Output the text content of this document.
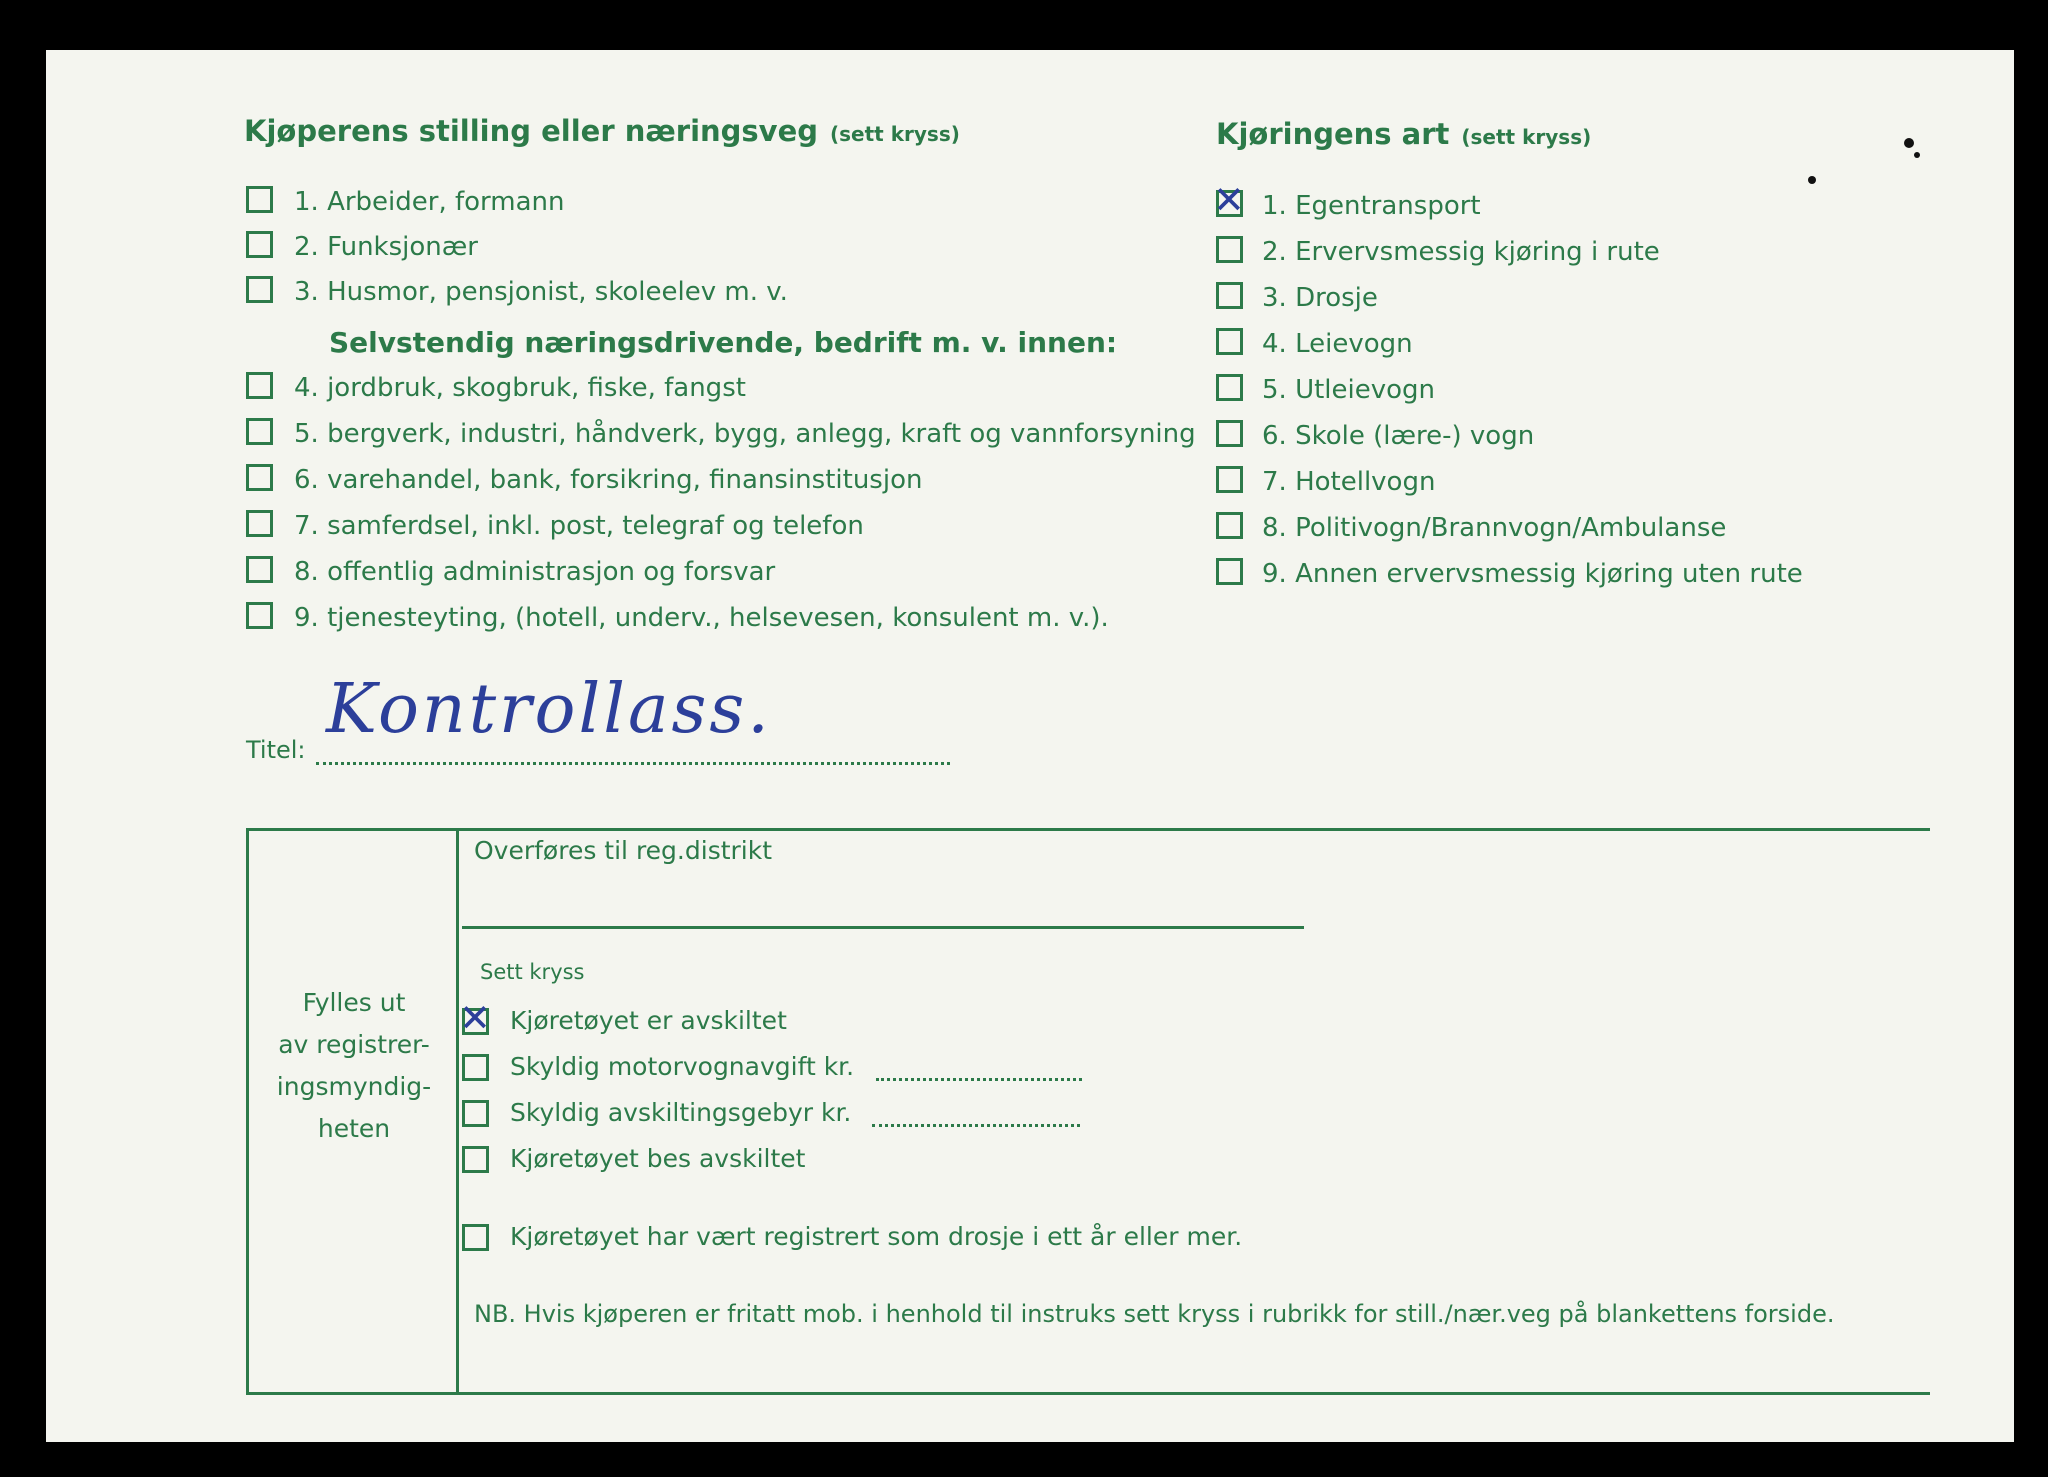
Kjøperens stilling eller næringsveg (sett kryss)
1. Arbeider, formann
2. Funksjonær
3. Husmor, pensjonist, skoleelev m. v.
Selvstendig næringsdrivende, bedrift m. v. innen:
4. jordbruk, skogbruk, fiske, fangst
5. bergverk, industri, håndverk, bygg, anlegg, kraft og vannforsyning
6. varehandel, bank, forsikring, finansinstitusjon
7. samferdsel, inkl. post, telegraf og telefon
8. offentlig administrasjon og forsvar
9. tjenesteyting, (hotell, underv., helsevesen, konsulent m. v.).
Kjøringens art (sett kryss)
✕ 1. Egentransport
2. Ervervsmessig kjøring i rute
3. Drosje
4. Leievogn
5. Utleievogn
6. Skole (lære-) vogn
7. Hotellvogn
8. Politivogn/Brannvogn/Ambulanse
9. Annen ervervsmessig kjøring uten rute
Titel:
Kontrollass.
Fylles ut
av registrer-
ingsmyndig-
heten
Overføres til reg.distrikt
Sett kryss
✕ Kjøretøyet er avskiltet
Skyldig motorvognavgift kr.
Skyldig avskiltingsgebyr kr.
Kjøretøyet bes avskiltet
Kjøretøyet har vært registrert som drosje i ett år eller mer.
NB. Hvis kjøperen er fritatt mob. i henhold til instruks sett kryss i rubrikk for still./nær.veg på blankettens forside.
